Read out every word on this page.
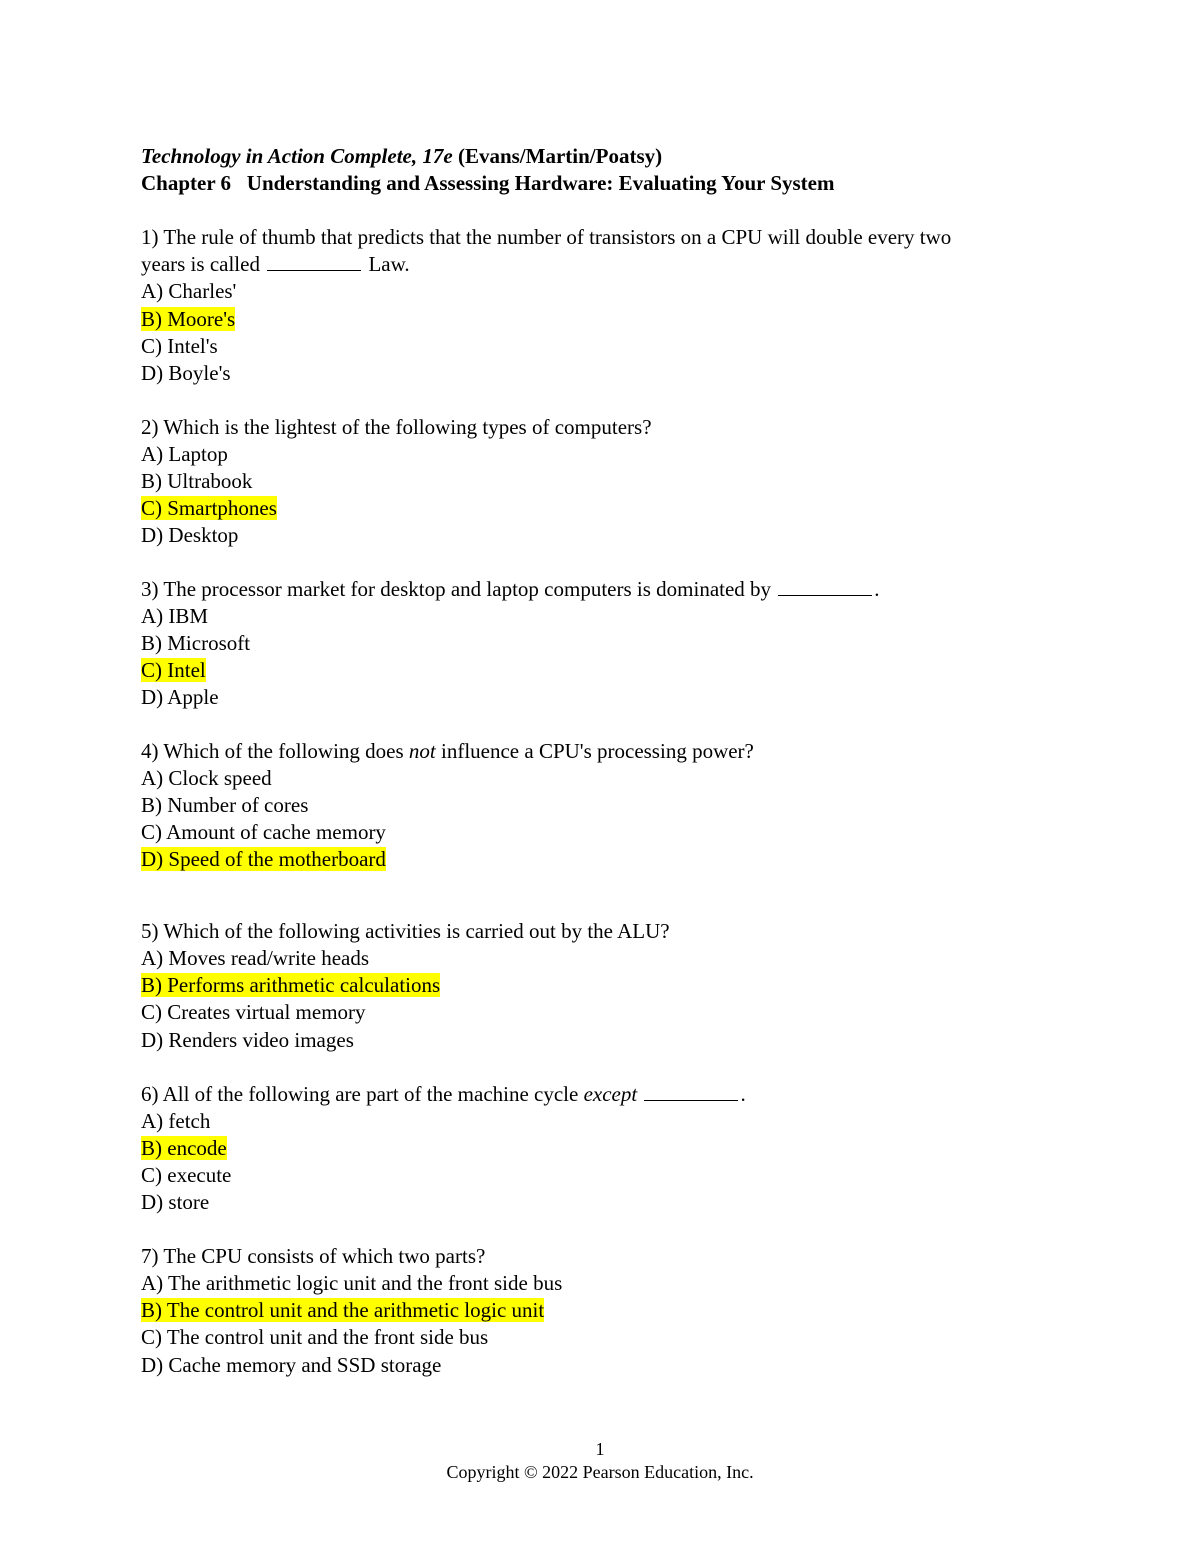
Technology in Action Complete, 17e (Evans/Martin/Poatsy)
Chapter 6 Understanding and Assessing Hardware: Evaluating Your System
1) The rule of thumb that predicts that the number of transistors on a CPU will double every two
years is called	Law.
A) Charles'
B) Moore's
C) Intel's
D) Boyle's
2) Which is the lightest of the following types of computers?
A) Laptop
B) Ultrabook
C) Smartphones
D) Desktop
3) The processor market for desktop and laptop computers is dominated by	.
A) IBM
B) Microsoft
C) Intel
D) Apple
4) Which of the following does not influence a CPU's processing power?
A) Clock speed
B) Number of cores
C) Amount of cache memory
D) Speed of the motherboard
5) Which of the following activities is carried out by the ALU?
A) Moves read/write heads
B) Performs arithmetic calculations
C) Creates virtual memory
D) Renders video images
6) All of the following are part of the machine cycle except	.
A) fetch
B) encode
C) execute
D) store
7) The CPU consists of which two parts?
A) The arithmetic logic unit and the front side bus
B) The control unit and the arithmetic logic unit
C) The control unit and the front side bus
D) Cache memory and SSD storage
1
Copyright © 2022 Pearson Education, Inc.
